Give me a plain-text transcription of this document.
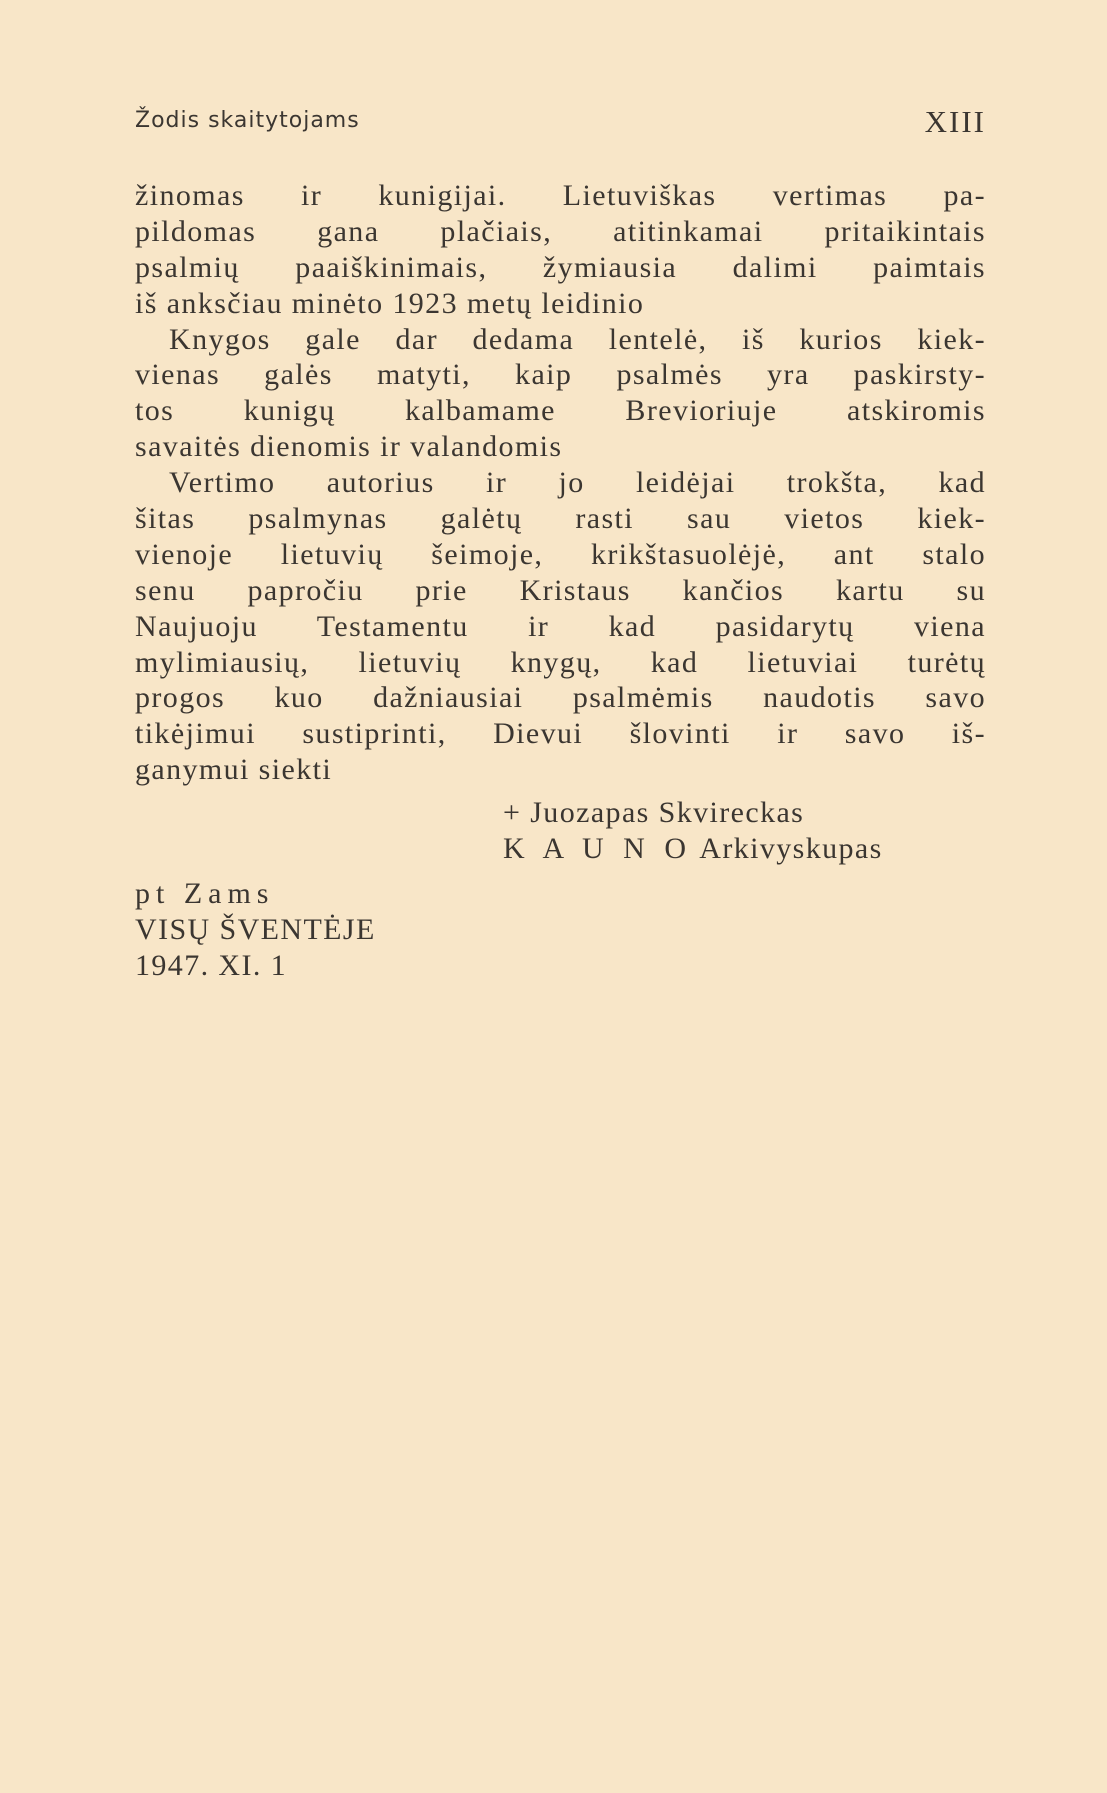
Žodis skaitytojams	XIII
žinomas ir kunigijai. Lietuviškas vertimas pa-
pildomas gana plačiais, atitinkamai pritaikintais
psalmių paaiškinimais, žymiausia dalimi paimtais
iš anksčiau minėto 1923 metų leidinio
Knygos gale dar dedama lentelė, iš kurios kiek-
vienas galės matyti, kaip psalmės yra paskirsty-
tos kunigų kalbamame Brevioriuje atskiromis
savaitės dienomis ir valandomis
Vertimo autorius ir jo leidėjai trokšta, kad
šitas psalmynas galėtų rasti sau vietos kiek-
vienoje lietuvių šeimoje, krikštasuolėjė, ant stalo
senu papročiu prie Kristaus kančios kartu su
Naujuoju Testamentu ir kad pasidarytų viena
mylimiausių, lietuvių knygų, kad lietuviai turėtų
progos kuo dažniausiai psalmėmis naudotis savo
tikėjimui sustiprinti, Dievui šlovinti ir savo iš-
ganymui siekti
+ Juozapas Skvireckas
K A U N O Arkivyskupas
pt Zams
VISŲ ŠVENTĖJE
1947. XI. 1
